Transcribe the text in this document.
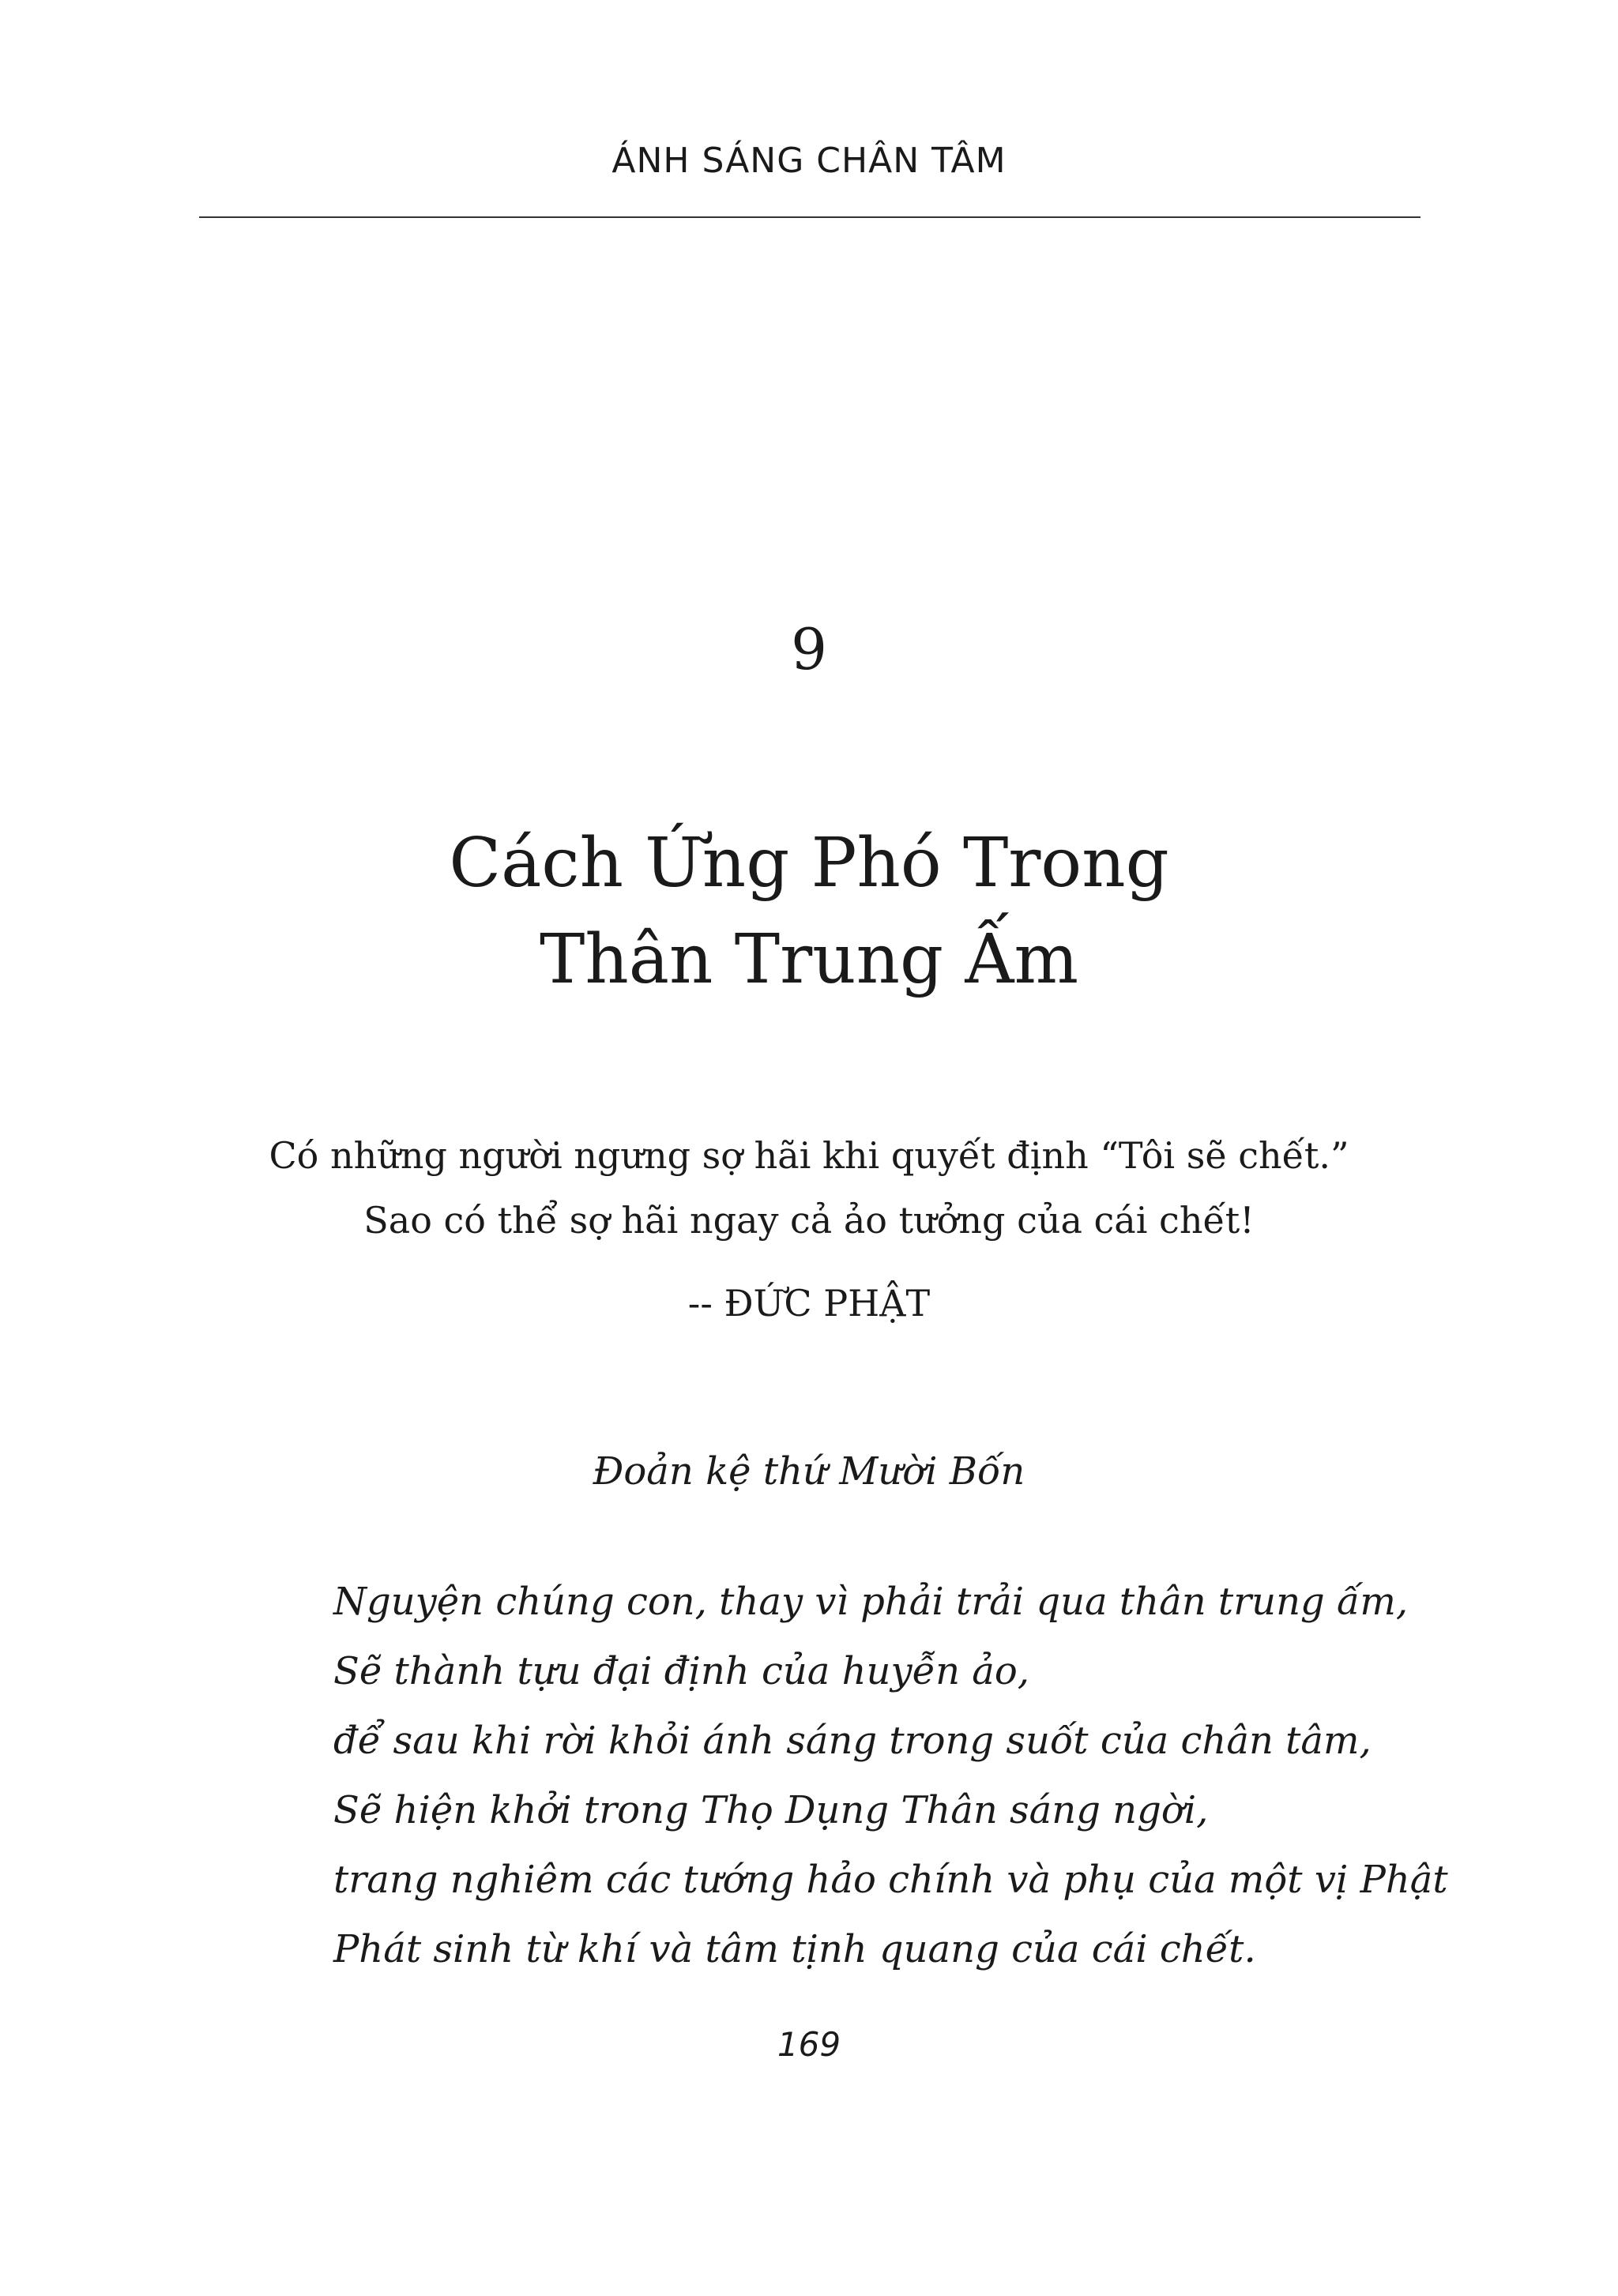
ÁNH SÁNG CHÂN TÂM
9
Cách Ứng Phó Trong
Thân Trung Ấm
Có những người ngưng sợ hãi khi quyết định “Tôi sẽ chết.”
Sao có thể sợ hãi ngay cả ảo tưởng của cái chết!
-- ĐỨC PHẬT
Đoản kệ thứ Mười Bốn
Nguyện chúng con, thay vì phải trải qua thân trung ấm,
Sẽ thành tựu đại định của huyễn ảo,
để sau khi rời khỏi ánh sáng trong suốt của chân tâm,
Sẽ hiện khởi trong Thọ Dụng Thân sáng ngời,
trang nghiêm các tướng hảo chính và phụ của một vị Phật
Phát sinh từ khí và tâm tịnh quang của cái chết.
169
